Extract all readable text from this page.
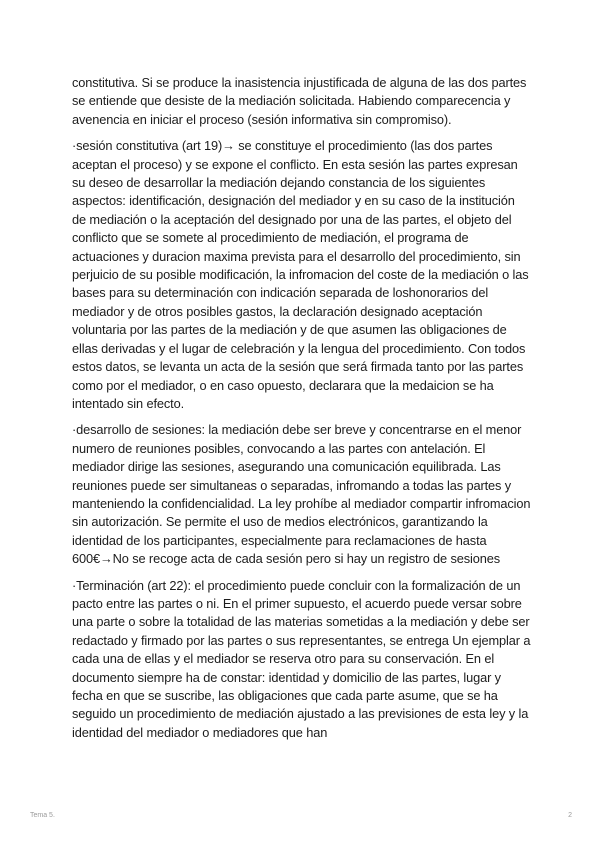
constitutiva. Si se produce la inasistencia injustificada de alguna de las dos partes se entiende que desiste de la mediación solicitada. Habiendo comparecencia y avenencia en iniciar el proceso (sesión informativa sin compromiso).

·sesión constitutiva (art 19)→ se constituye el procedimiento (las dos partes aceptan el proceso) y se expone el conflicto. En esta sesión las partes expresan su deseo de desarrollar la mediación dejando constancia de los siguientes aspectos: identificación, designación del mediador y en su caso de la institución de mediación o la aceptación del designado por una de las partes, el objeto del conflicto que se somete al procedimiento de mediación, el programa de actuaciones y duracion maxima prevista para el desarrollo del procedimiento, sin perjuicio de su posible modificación, la infromacion del coste de la mediación o las bases para su determinación con indicación separada de loshonorarios del mediador y de otros posibles gastos, la declaración designado aceptación voluntaria por las partes de la mediación y de que asumen las obligaciones de ellas derivadas y el lugar de celebración y la lengua del procedimiento. Con todos estos datos, se levanta un acta de la sesión que será firmada tanto por las partes como por el mediador, o en caso opuesto, declarara que la medaicion se ha intentado sin efecto.

·desarrollo de sesiones: la mediación debe ser breve y concentrarse en el menor numero de reuniones posibles, convocando a las partes con antelación. El mediador dirige las sesiones, asegurando una comunicación equilibrada. Las reuniones puede ser simultaneas o separadas, infromando a todas las partes y manteniendo la confidencialidad. La ley prohíbe al mediador compartir infromacion sin autorización. Se permite el uso de medios electrónicos, garantizando la identidad de los participantes, especialmente para reclamaciones de hasta 600€→No se recoge acta de cada sesión pero si hay un registro de sesiones

·Terminación (art 22): el procedimiento puede concluir con la formalización de un pacto entre las partes o ni. En el primer supuesto, el acuerdo puede versar sobre una parte o sobre la totalidad de las materias sometidas a la mediación y debe ser redactado y firmado por las partes o sus representantes, se entrega Un ejemplar a cada una de ellas y el mediador se reserva otro para su conservación. En el documento siempre ha de constar: identidad y domicilio de las partes, lugar y fecha en que se suscribe, las obligaciones que cada parte asume, que se ha seguido un procedimiento de mediación ajustado a las previsiones de esta ley y la identidad del mediador o mediadores que han

Tema 5.	2
